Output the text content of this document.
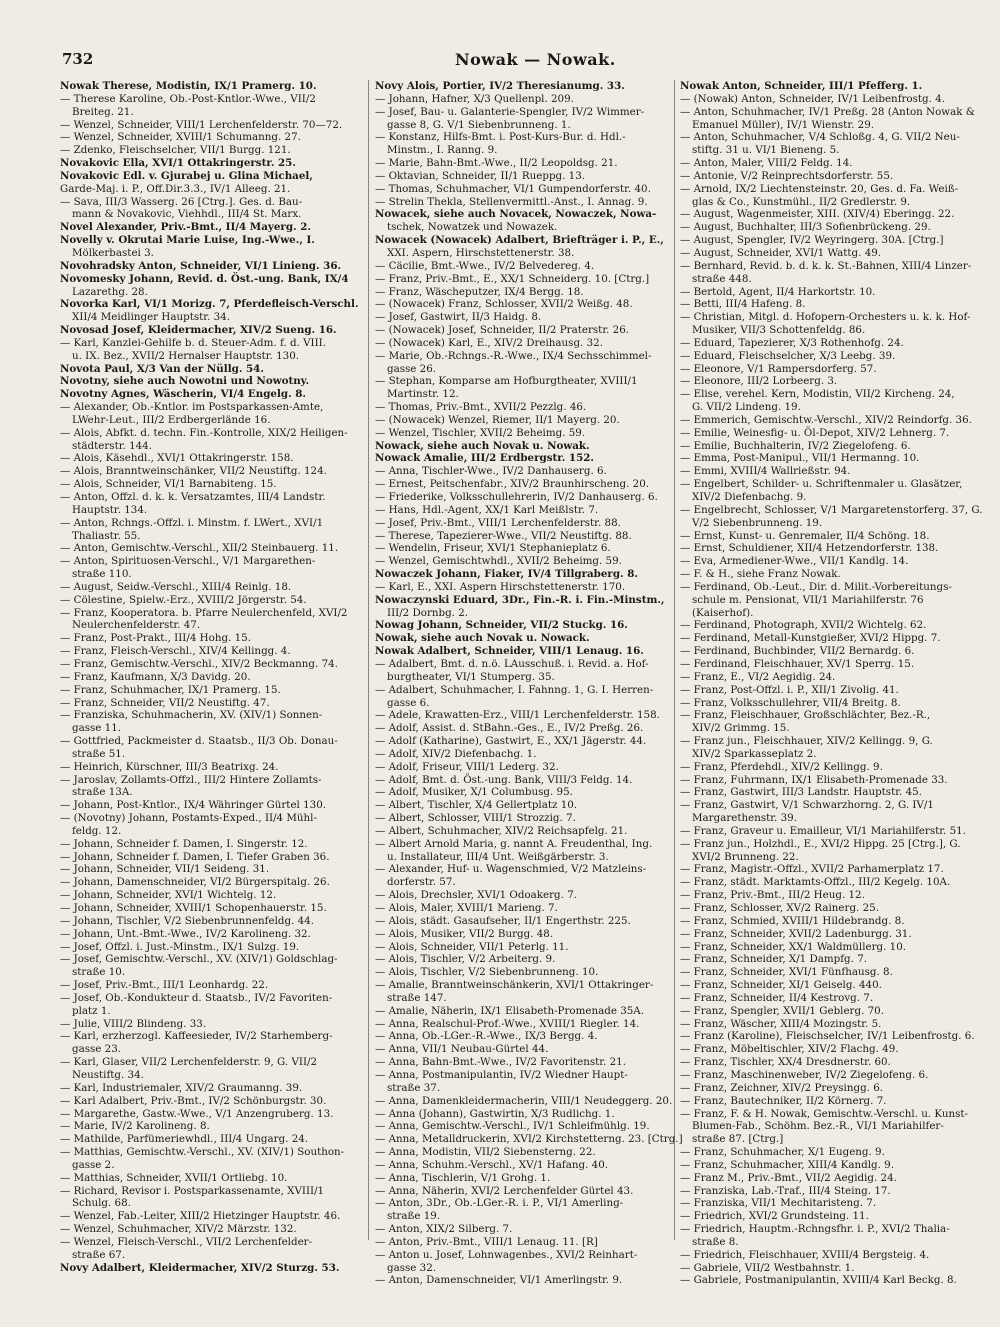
732	Nowak — Nowak.
Nowak Therese, Modistin, IX/1 Pramerg. 10.
— Therese Karoline, Ob.-Post-Kntlor.-Wwe., VII/2
Breiteg. 21.
— Wenzel, Schneider, VIII/1 Lerchenfelderstr. 70—72.
— Wenzel, Schneider, XVIII/1 Schumanng. 27.
— Zdenko, Fleischselcher, VII/1 Burgg. 121.
Novakovic Ella, XVI/1 Ottakringerstr. 25.
Novakovic Edl. v. Gjurabej u. Glina Michael,
Garde-Maj. i. P., Off.Dir.3.3., IV/1 Alleeg. 21.
— Sava, III/3 Wasserg. 26 [Ctrg.]. Ges. d. Bau-
mann & Novakovic, Viehhdl., III/4 St. Marx.
Novel Alexander, Priv.-Bmt., II/4 Mayerg. 2.
Novelly v. Okrutai Marie Luise, Ing.-Wwe., I.
Mölkerbastei 3.
Novohradsky Anton, Schneider, VI/1 Linieng. 36.
Novomesky Johann, Revid. d. Öst.-ung. Bank, IX/4
Lazarethg. 28.
Novorka Karl, VI/1 Morizg. 7, Pferdefleisch-Verschl.
XII/4 Meidlinger Hauptstr. 34.
Novosad Josef, Kleidermacher, XIV/2 Sueng. 16.
— Karl, Kanzlei-Gehilfe b. d. Steuer-Adm. f. d. VIII.
u. IX. Bez., XVII/2 Hernalser Hauptstr. 130.
Novota Paul, X/3 Van der Nüllg. 54.
Novotny, siehe auch Nowotni und Nowotny.
Novotny Agnes, Wäscherin, VI/4 Engelg. 8.
— Alexander, Ob.-Kntlor. im Postsparkassen-Amte,
LWehr-Leut., III/2 Erdbergerlände 16.
— Alois, Abfkt. d. techn. Fin.-Kontrolle, XIX/2 Heiligen-
städterstr. 144.
— Alois, Käsehdl., XVI/1 Ottakringerstr. 158.
— Alois, Branntweinschänker, VII/2 Neustiftg. 124.
— Alois, Schneider, VI/1 Barnabiteng. 15.
— Anton, Offzl. d. k. k. Versatzamtes, III/4 Landstr.
Hauptstr. 134.
— Anton, Rchngs.-Offzl. i. Minstm. f. LWert., XVI/1
Thaliastr. 55.
— Anton, Gemischtw.-Verschl., XII/2 Steinbauerg. 11.
— Anton, Spirituosen-Verschl., V/1 Margarethen-
straße 110.
— August, Seidw.-Verschl., XIII/4 Reinlg. 18.
— Cölestine, Spielw.-Erz., XVIII/2 Jörgerstr. 54.
— Franz, Kooperatora. b. Pfarre Neulerchenfeld, XVI/2
Neulerchenfelderstr. 47.
— Franz, Post-Prakt., III/4 Hohg. 15.
— Franz, Fleisch-Verschl., XIV/4 Kellingg. 4.
— Franz, Gemischtw.-Verschl., XIV/2 Beckmanng. 74.
— Franz, Kaufmann, X/3 Davidg. 20.
— Franz, Schuhmacher, IX/1 Pramerg. 15.
— Franz, Schneider, VII/2 Neustiftg. 47.
— Franziska, Schuhmacherin, XV. (XIV/1) Sonnen-
gasse 11.
— Gottfried, Packmeister d. Staatsb., II/3 Ob. Donau-
straße 51.
— Heinrich, Kürschner, III/3 Beatrixg. 24.
— Jaroslav, Zollamts-Offzl., III/2 Hintere Zollamts-
straße 13A.
— Johann, Post-Kntlor., IX/4 Währinger Gürtel 130.
— (Novotny) Johann, Postamts-Exped., II/4 Mühl-
feldg. 12.
— Johann, Schneider f. Damen, I. Singerstr. 12.
— Johann, Schneider f. Damen, I. Tiefer Graben 36.
— Johann, Schneider, VII/1 Seideng. 31.
— Johann, Damenschneider, VI/2 Bürgerspitalg. 26.
— Johann, Schneider, XVI/1 Wichtelg. 12.
— Johann, Schneider, XVIII/1 Schopenhauerstr. 15.
— Johann, Tischler, V/2 Siebenbrunnenfeldg. 44.
— Johann, Unt.-Bmt.-Wwe., IV/2 Karolineng. 32.
— Josef, Offzl. i. Just.-Minstm., IX/1 Sulzg. 19.
— Josef, Gemischtw.-Verschl., XV. (XIV/1) Goldschlag-
straße 10.
— Josef, Priv.-Bmt., III/1 Leonhardg. 22.
— Josef, Ob.-Kondukteur d. Staatsb., IV/2 Favoriten-
platz 1.
— Julie, VIII/2 Blindeng. 33.
— Karl, erzherzogl. Kaffeesieder, IV/2 Starhemberg-
gasse 23.
— Karl, Glaser, VII/2 Lerchenfelderstr. 9, G. VII/2
Neustiftg. 34.
— Karl, Industriemaler, XIV/2 Graumanng. 39.
— Karl Adalbert, Priv.-Bmt., IV/2 Schönburgstr. 30.
— Margarethe, Gastw.-Wwe., V/1 Anzengruberg. 13.
— Marie, IV/2 Karolineng. 8.
— Mathilde, Parfümeriewhdl., III/4 Ungarg. 24.
— Matthias, Gemischtw.-Verschl., XV. (XIV/1) Southon-
gasse 2.
— Matthias, Schneider, XVII/1 Ortliebg. 10.
— Richard, Revisor i. Postsparkassenamte, XVIII/1
Schulg. 68.
— Wenzel, Fab.-Leiter, XIII/2 Hietzinger Hauptstr. 46.
— Wenzel, Schuhmacher, XIV/2 Märzstr. 132.
— Wenzel, Fleisch-Verschl., VII/2 Lerchenfelder-
straße 67.
Novy Adalbert, Kleidermacher, XIV/2 Sturzg. 53.
Novy Alois, Portier, IV/2 Theresianumg. 33.
— Johann, Hafner, X/3 Quellenpl. 209.
— Josef, Bau- u. Galanterie-Spengler, IV/2 Wimmer-
gasse 8, G. V/1 Siebenbrunneng. 1.
— Konstanz, Hilfs-Bmt. i. Post-Kurs-Bur. d. Hdl.-
Minstm., I. Ranng. 9.
— Marie, Bahn-Bmt.-Wwe., II/2 Leopoldsg. 21.
— Oktavian, Schneider, II/1 Rueppg. 13.
— Thomas, Schuhmacher, VI/1 Gumpendorferstr. 40.
— Strelin Thekla, Stellenvermittl.-Anst., I. Annag. 9.
Nowacek, siehe auch Novacek, Nowaczek, Nowa-
tschek, Nowatzek und Nowazek.
Nowacek (Nowacek) Adalbert, Briefträger i. P., E.,
XXI. Aspern, Hirschstettenerstr. 38.
— Cäcilie, Bmt.-Wwe., IV/2 Belvedereg. 4.
— Franz, Priv.-Bmt., E., XX/1 Schneiderg. 10. [Ctrg.]
— Franz, Wäscheputzer, IX/4 Bergg. 18.
— (Nowacek) Franz, Schlosser, XVII/2 Weißg. 48.
— Josef, Gastwirt, II/3 Haidg. 8.
— (Nowacek) Josef, Schneider, II/2 Praterstr. 26.
— (Nowacek) Karl, E., XIV/2 Dreihausg. 32.
— Marie, Ob.-Rchngs.-R.-Wwe., IX/4 Sechsschimmel-
gasse 26.
— Stephan, Komparse am Hofburgtheater, XVIII/1
Martinstr. 12.
— Thomas, Priv.-Bmt., XVII/2 Pezzlg. 46.
— (Nowacek) Wenzel, Riemer, II/1 Mayerg. 20.
— Wenzel, Tischler, XVII/2 Beheimg. 59.
Nowack, siehe auch Novak u. Nowak.
Nowack Amalie, III/2 Erdbergstr. 152.
— Anna, Tischler-Wwe., IV/2 Danhauserg. 6.
— Ernest, Peitschenfabr., XIV/2 Braunhirscheng. 20.
— Friederike, Volksschullehrerin, IV/2 Danhauserg. 6.
— Hans, Hdl.-Agent, XX/1 Karl Meißlstr. 7.
— Josef, Priv.-Bmt., VIII/1 Lerchenfelderstr. 88.
— Therese, Tapezierer-Wwe., VII/2 Neustiftg. 88.
— Wendelin, Friseur, XVI/1 Stephanieplatz 6.
— Wenzel, Gemischtwhdl., XVII/2 Beheimg. 59.
Nowaczek Johann, Fiaker, IV/4 Tillgraberg. 8.
— Karl, E., XXI. Aspern Hirschstettenerstr. 170.
Nowaczynski Eduard, 3Dr., Fin.-R. i. Fin.-Minstm.,
III/2 Dornbg. 2.
Nowag Johann, Schneider, VII/2 Stuckg. 16.
Nowak, siehe auch Novak u. Nowack.
Nowak Adalbert, Schneider, VIII/1 Lenaug. 16.
— Adalbert, Bmt. d. n.ö. LAusschuß. i. Revid. a. Hof-
burgtheater, VI/1 Stumperg. 35.
— Adalbert, Schuhmacher, I. Fahnng. 1, G. I. Herren-
gasse 6.
— Adele, Krawatten-Erz., VIII/1 Lerchenfelderstr. 158.
— Adolf, Assist. d. StBahn.-Ges., E., IV/2 Preßg. 26.
— Adolf (Katharine), Gastwirt, E., XX/1 Jägerstr. 44.
— Adolf, XIV/2 Diefenbachg. 1.
— Adolf, Friseur, VIII/1 Lederg. 32.
— Adolf, Bmt. d. Öst.-ung. Bank, VIII/3 Feldg. 14.
— Adolf, Musiker, X/1 Columbusg. 95.
— Albert, Tischler, X/4 Gellertplatz 10.
— Albert, Schlosser, VIII/1 Strozzig. 7.
— Albert, Schuhmacher, XIV/2 Reichsapfelg. 21.
— Albert Arnold Maria, g. nannt A. Freudenthal, Ing.
u. Installateur, III/4 Unt. Weißgärberstr. 3.
— Alexander, Huf- u. Wagenschmied, V/2 Matzleins-
dorferstr. 57.
— Alois, Drechsler, XVI/1 Odoakerg. 7.
— Alois, Maler, XVIII/1 Marieng. 7.
— Alois, städt. Gasaufseher, II/1 Engerthstr. 225.
— Alois, Musiker, VII/2 Burgg. 48.
— Alois, Schneider, VII/1 Peterlg. 11.
— Alois, Tischler, V/2 Arbeiterg. 9.
— Alois, Tischler, V/2 Siebenbrunneng. 10.
— Amalie, Branntweinschänkerin, XVI/1 Ottakringer-
straße 147.
— Amalie, Näherin, IX/1 Elisabeth-Promenade 35A.
— Anna, Realschul-Prof.-Wwe., XVIII/1 Riegler. 14.
— Anna, Ob.-LGer.-R.-Wwe., IX/3 Bergg. 4.
— Anna, VII/1 Neubau-Gürtel 44.
— Anna, Bahn-Bmt.-Wwe., IV/2 Favoritenstr. 21.
— Anna, Postmanipulantin, IV/2 Wiedner Haupt-
straße 37.
— Anna, Damenkleidermacherin, VIII/1 Neudeggerg. 20.
— Anna (Johann), Gastwirtin, X/3 Rudlichg. 1.
— Anna, Gemischtw.-Verschl., IV/1 Schleifmühlg. 19.
— Anna, Metalldruckerin, XVI/2 Kirchstetterng. 23. [Ctrg.]
— Anna, Modistin, VII/2 Siebensterng. 22.
— Anna, Schuhm.-Verschl., XV/1 Hafang. 40.
— Anna, Tischlerin, V/1 Grohg. 1.
— Anna, Näherin, XVI/2 Lerchenfelder Gürtel 43.
— Anton, 3Dr., Ob.-LGer.-R. i. P., VI/1 Amerling-
straße 19.
— Anton, XIX/2 Silberg. 7.
— Anton, Priv.-Bmt., VIII/1 Lenaug. 11. [R]
— Anton u. Josef, Lohnwagenbes., XVI/2 Reinhart-
gasse 32.
— Anton, Damenschneider, VI/1 Amerlingstr. 9.
Nowak Anton, Schneider, III/1 Pfefferg. 1.
— (Nowak) Anton, Schneider, IV/1 Leibenfrostg. 4.
— Anton, Schuhmacher, IV/1 Preßg. 28 (Anton Nowak &
Emanuel Müller), IV/1 Wienstr. 29.
— Anton, Schuhmacher, V/4 Schloßg. 4, G. VII/2 Neu-
stiftg. 31 u. VI/1 Bieneng. 5.
— Anton, Maler, VIII/2 Feldg. 14.
— Antonie, V/2 Reinprechtsdorferstr. 55.
— Arnold, IX/2 Liechtensteinstr. 20, Ges. d. Fa. Weiß-
glas & Co., Kunstmühl., II/2 Gredlerstr. 9.
— August, Wagenmeister, XIII. (XIV/4) Eberingg. 22.
— August, Buchhalter, III/3 Sofienbrückeng. 29.
— August, Spengler, IV/2 Weyringerg. 30A. [Ctrg.]
— August, Schneider, XVI/1 Wattg. 49.
— Bernhard, Revid. b. d. k. k. St.-Bahnen, XIII/4 Linzer-
straße 448.
— Bertold, Agent, II/4 Harkortstr. 10.
— Betti, III/4 Hafeng. 8.
— Christian, Mitgl. d. Hofopern-Orchesters u. k. k. Hof-
Musiker, VII/3 Schottenfeldg. 86.
— Eduard, Tapezierer, X/3 Rothenhofg. 24.
— Eduard, Fleischselcher, X/3 Leebg. 39.
— Eleonore, V/1 Rampersdorferg. 57.
— Eleonore, III/2 Lorbeerg. 3.
— Elise, verehel. Kern, Modistin, VII/2 Kircheng. 24,
G. VII/2 Lindeng. 19.
— Emmerich, Gemischtw.-Verschl., XIV/2 Reindorfg. 36.
— Emilie, Weinesfig- u. Öl-Depot, XIV/2 Lehnerg. 7.
— Emilie, Buchhalterin, IV/2 Ziegelofeng. 6.
— Emma, Post-Manipul., VII/1 Hermanng. 10.
— Emmi, XVIII/4 Wallrießstr. 94.
— Engelbert, Schilder- u. Schriftenmaler u. Glasätzer,
XIV/2 Diefenbachg. 9.
— Engelbrecht, Schlosser, V/1 Margaretenstorferg. 37, G.
V/2 Siebenbrunneng. 19.
— Ernst, Kunst- u. Genremaler, II/4 Schöng. 18.
— Ernst, Schuldiener, XII/4 Hetzendorferstr. 138.
— Eva, Armediener-Wwe., VII/1 Kandlg. 14.
— F. & H., siehe Franz Nowak.
— Ferdinand, Ob.-Leut., Dir. d. Milit.-Vorbereitungs-
schule m. Pensionat, VII/1 Mariahilferstr. 76
(Kaiserhof).
— Ferdinand, Photograph, XVII/2 Wichtelg. 62.
— Ferdinand, Metall-Kunstgießer, XVI/2 Hippg. 7.
— Ferdinand, Buchbinder, VII/2 Bernardg. 6.
— Ferdinand, Fleischhauer, XV/1 Sperrg. 15.
— Franz, E., VI/2 Aegidig. 24.
— Franz, Post-Offzl. i. P., XII/1 Zivolig. 41.
— Franz, Volksschullehrer, VII/4 Breitg. 8.
— Franz, Fleischhauer, Großschlächter, Bez.-R.,
XIV/2 Grimmg. 15.
— Franz jun., Fleischhauer, XIV/2 Kellingg. 9, G.
XIV/2 Sparkasseplatz 2.
— Franz, Pferdehdl., XIV/2 Kellingg. 9.
— Franz, Fuhrmann, IX/1 Elisabeth-Promenade 33.
— Franz, Gastwirt, III/3 Landstr. Hauptstr. 45.
— Franz, Gastwirt, V/1 Schwarzhorng. 2, G. IV/1
Margarethenstr. 39.
— Franz, Graveur u. Emailleur, VI/1 Mariahilferstr. 51.
— Franz jun., Holzhdl., E., XVI/2 Hippg. 25 [Ctrg.], G.
XVI/2 Brunneng. 22.
— Franz, Magistr.-Offzl., XVII/2 Parhamerplatz 17.
— Franz, städt. Marktamts-Offzl., III/2 Kegelg. 10A.
— Franz, Priv.-Bmt., III/2 Heug. 12.
— Franz, Schlosser, XV/2 Rainerg. 25.
— Franz, Schmied, XVIII/1 Hildebrandg. 8.
— Franz, Schneider, XVII/2 Ladenburgg. 31.
— Franz, Schneider, XX/1 Waldmüllerg. 10.
— Franz, Schneider, X/1 Dampfg. 7.
— Franz, Schneider, XVI/1 Fünfhausg. 8.
— Franz, Schneider, XI/1 Geiselg. 440.
— Franz, Schneider, II/4 Kestrovg. 7.
— Franz, Spengler, XVII/1 Geblerg. 70.
— Franz, Wäscher, XIII/4 Mozingstr. 5.
— Franz (Karoline), Fleischselcher, IV/1 Leibenfrostg. 6.
— Franz, Möbeltischler, XIV/2 Flachg. 49.
— Franz, Tischler, XX/4 Dresdnerstr. 60.
— Franz, Maschinenweber, IV/2 Ziegelofeng. 6.
— Franz, Zeichner, XIV/2 Preysingg. 6.
— Franz, Bautechniker, II/2 Körnerg. 7.
— Franz, F. & H. Nowak, Gemischtw.-Verschl. u. Kunst-
Blumen-Fab., Schöhm. Bez.-R., VI/1 Mariahilfer-
straße 87. [Ctrg.]
— Franz, Schuhmacher, X/1 Eugeng. 9.
— Franz, Schuhmacher, XIII/4 Kandlg. 9.
— Franz M., Priv.-Bmt., VII/2 Aegidig. 24.
— Franziska, Lab.-Traf., III/4 Steing. 17.
— Franziska, VII/1 Mechitaristeng. 7.
— Friedrich, XVI/2 Grundsteing. 11.
— Friedrich, Hauptm.-Rchngsfhr. i. P., XVI/2 Thalia-
straße 8.
— Friedrich, Fleischhauer, XVIII/4 Bergsteig. 4.
— Gabriele, VII/2 Westbahnstr. 1.
— Gabriele, Postmanipulantin, XVIII/4 Karl Beckg. 8.
